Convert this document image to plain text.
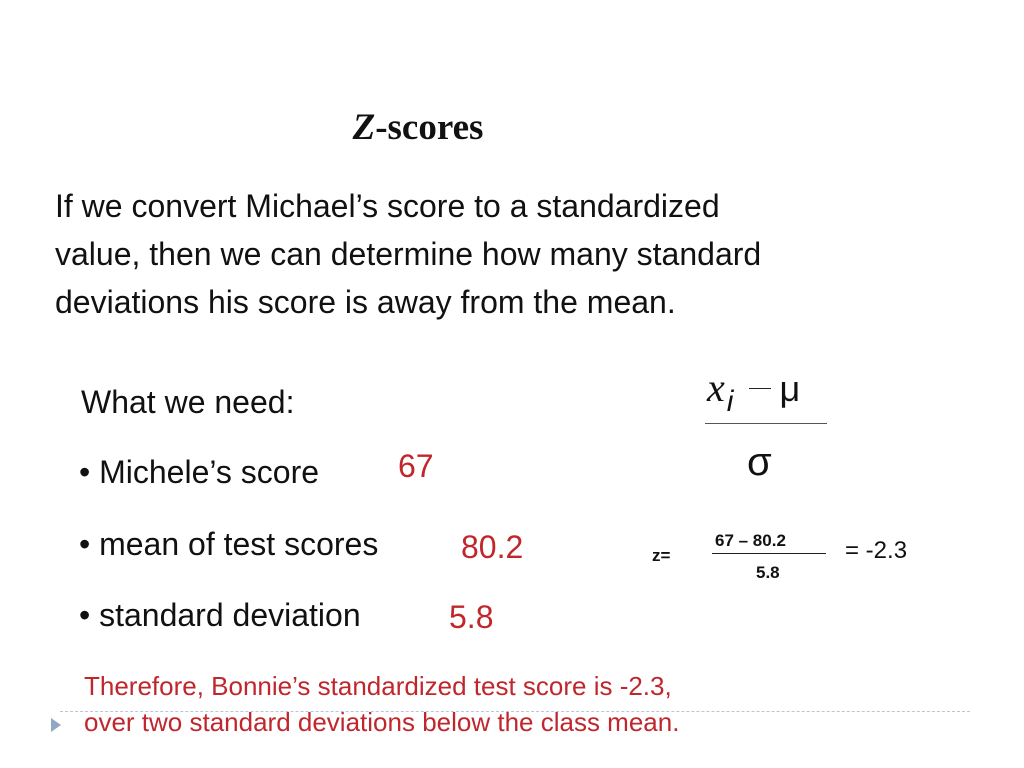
Z-scores
If we convert Michael’s score to a standardized
value, then we can determine how many standard
deviations his score is away from the mean.
What we need:
• Michele’s score 67
• mean of test scores	80.2
• standard deviation	5.8
$x_i$ μ
σ
z=
67 – 80.2
5.8
= -2.3
Therefore, Bonnie’s standardized test score is -2.3,
over two standard deviations below the class mean.
